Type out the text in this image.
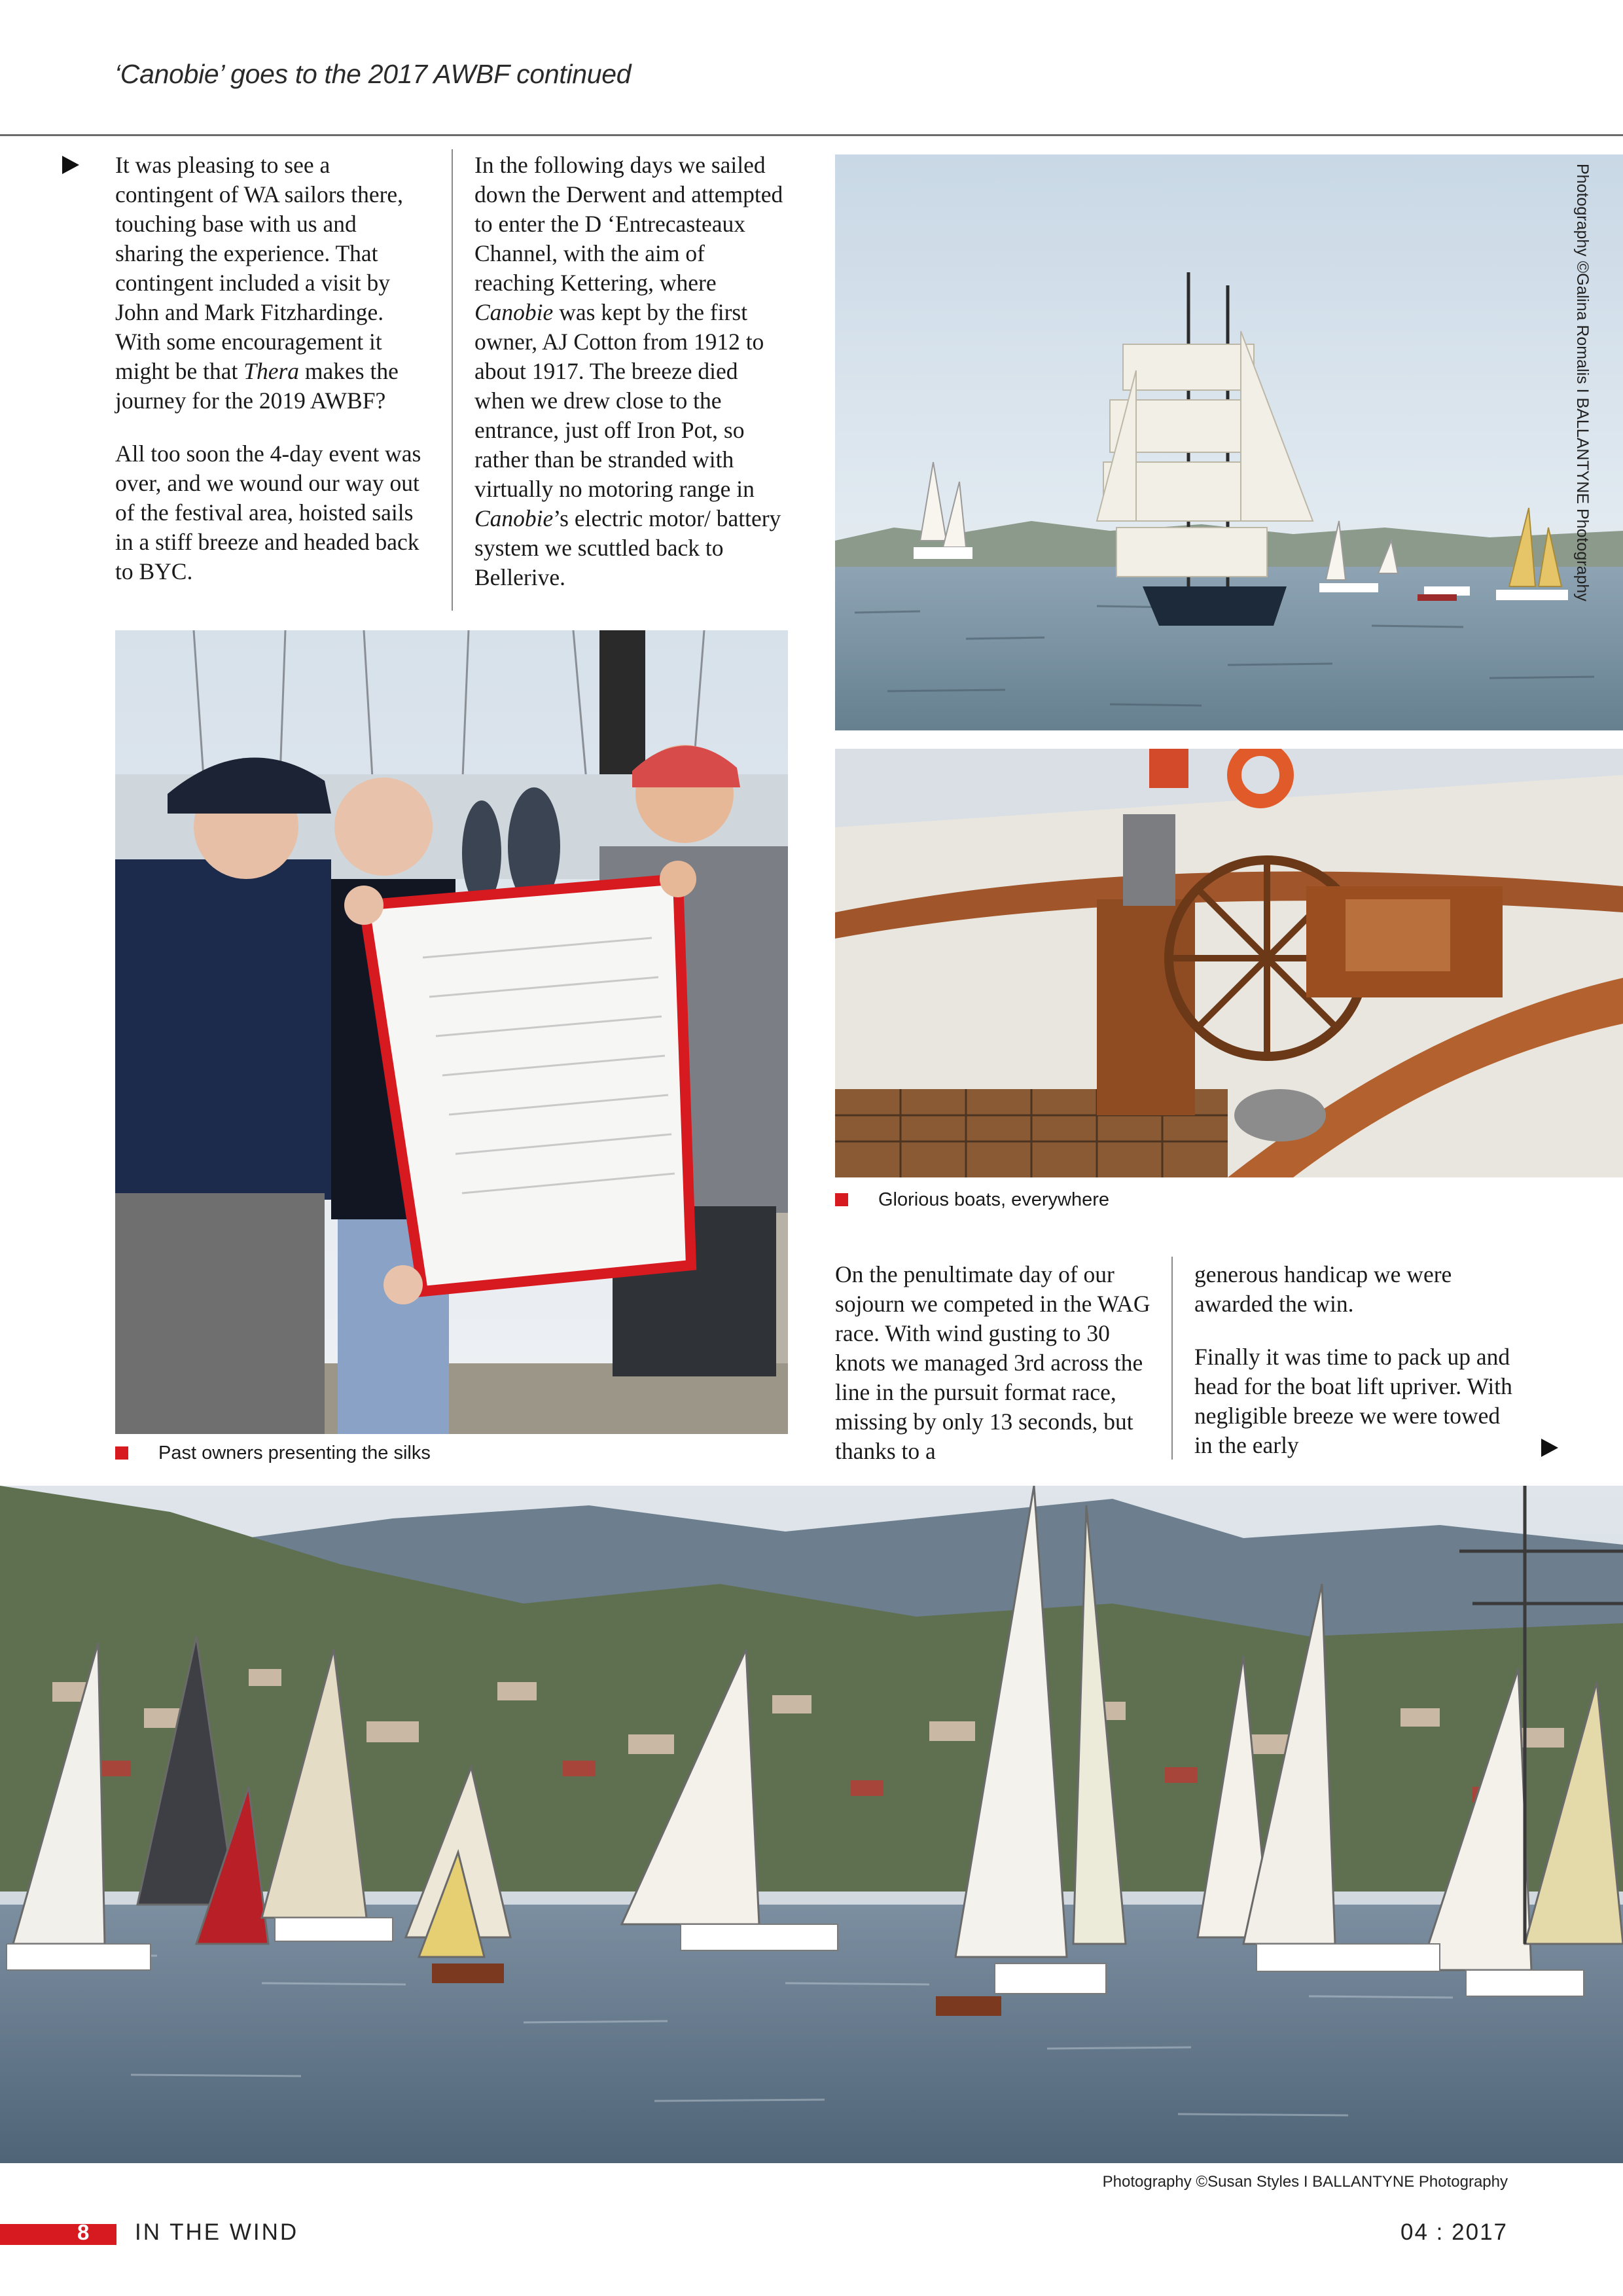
‘Canobie’ goes to the 2017 AWBF continued

It was pleasing to see a contingent of WA sailors there, touching base with us and sharing the experience. That contingent included a visit by John and Mark Fitzhardinge. With some encouragement it might be that Thera makes the journey for the 2019 AWBF?

All too soon the 4-day event was over, and we wound our way out of the festival area, hoisted sails in a stiff breeze and headed back to BYC.

In the following days we sailed down the Derwent and attempted to enter the D ‘Entrecasteaux Channel, with the aim of reaching Kettering, where Canobie was kept by the first owner, AJ Cotton from 1912 to about 1917. The breeze died when we drew close to the entrance, just off Iron Pot, so rather than be stranded with virtually no motoring range in Canobie’s electric motor/ battery system we scuttled back to Bellerive.	Photography ©Galina Romalis I BALLANTYNE Photography
Past owners presenting the silks
Glorious boats, everywhere

On the penultimate day of our sojourn we competed in the WAG race. With wind gusting to 30 knots we managed 3rd across the line in the pursuit format race, missing by only 13 seconds, but thanks to a

generous handicap we were awarded the win.

Finally it was time to pack up and head for the boat lift upriver. With negligible breeze we were towed in the early

Photography ©Susan Styles I BALLANTYNE Photography
8 IN THE WIND	04 : 2017
